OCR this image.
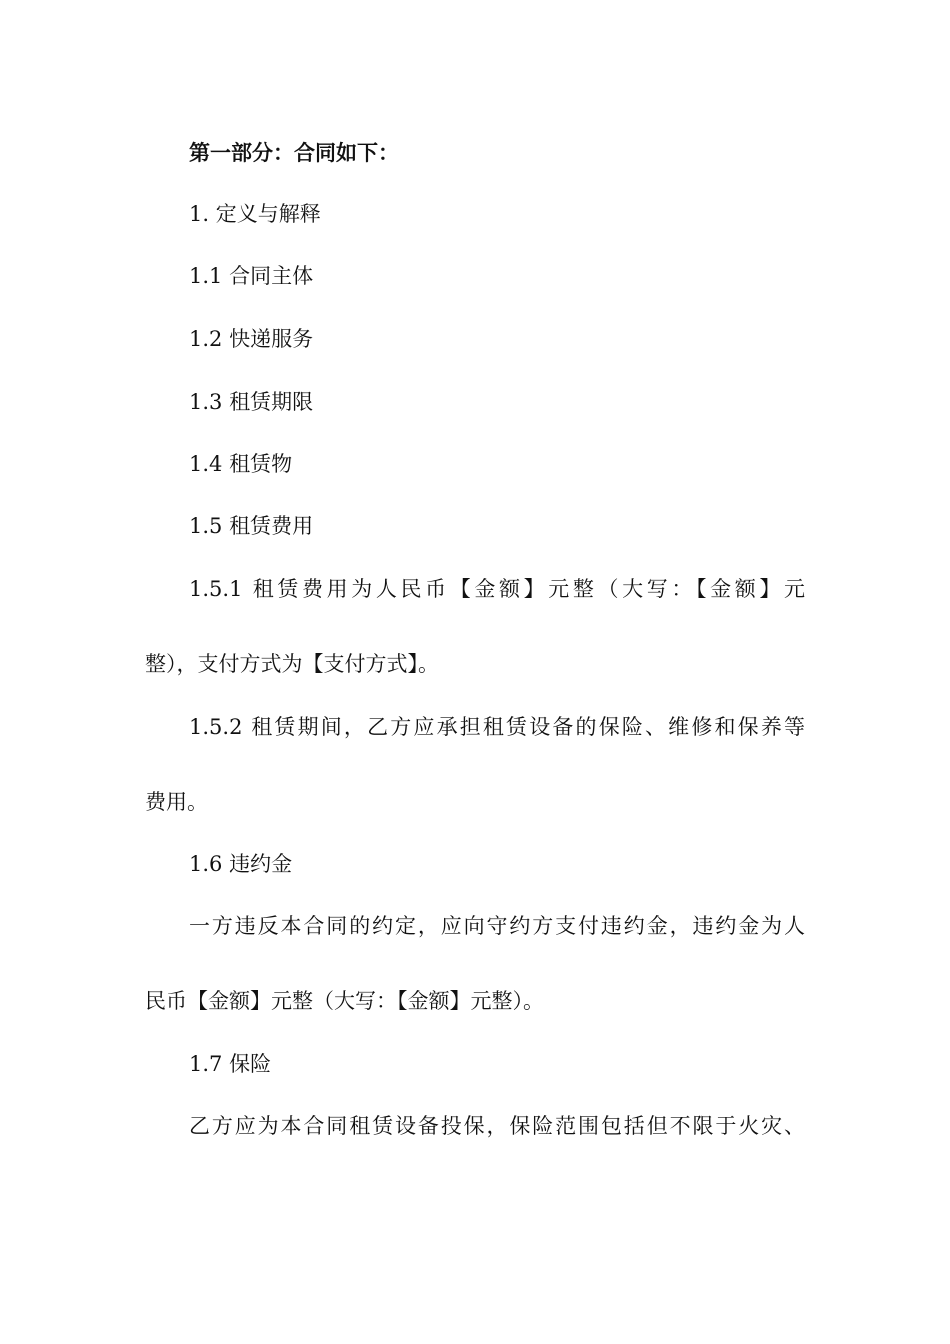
第一部分：合同如下：
1. 定义与解释
1.1 合同主体
1.2 快递服务
1.3 租赁期限
1.4 租赁物
1.5 租赁费用
1.5.1 租赁费用为人民币【金额】元整（大写：【金额】元
整），支付方式为【支付方式】。
1.5.2 租赁期间，乙方应承担租赁设备的保险、维修和保养等
费用。
1.6 违约金
一方违反本合同的约定，应向守约方支付违约金，违约金为人
民币【金额】元整（大写：【金额】元整）。
1.7 保险
乙方应为本合同租赁设备投保，保险范围包括但不限于火灾、
